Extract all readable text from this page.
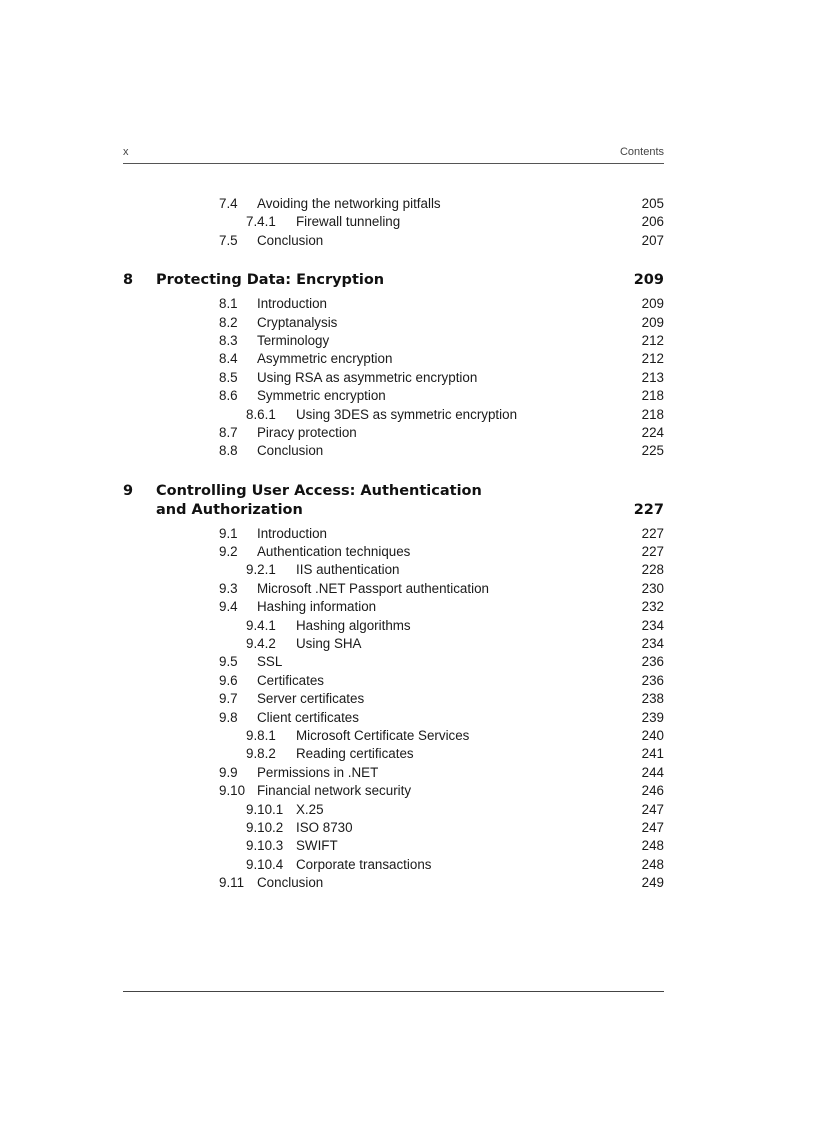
x	Contents
7.4 Avoiding the networking pitfalls	205
7.4.1 Firewall tunneling	206
7.5 Conclusion	207
8 Protecting Data: Encryption	209
8.1 Introduction	209
8.2 Cryptanalysis	209
8.3 Terminology	212
8.4 Asymmetric encryption	212
8.5 Using RSA as asymmetric encryption	213
8.6 Symmetric encryption	218
8.6.1 Using 3DES as symmetric encryption	218
8.7 Piracy protection	224
8.8 Conclusion	225
9 Controlling User Access: Authentication
and Authorization	227
9.1 Introduction	227
9.2 Authentication techniques	227
9.2.1 IIS authentication	228
9.3 Microsoft .NET Passport authentication	230
9.4 Hashing information	232
9.4.1 Hashing algorithms	234
9.4.2 Using SHA	234
9.5 SSL	236
9.6 Certificates	236
9.7 Server certificates	238
9.8 Client certificates	239
9.8.1 Microsoft Certificate Services	240
9.8.2 Reading certificates	241
9.9 Permissions in .NET	244
9.10 Financial network security	246
9.10.1 X.25	247
9.10.2 ISO 8730	247
9.10.3 SWIFT	248
9.10.4 Corporate transactions	248
9.11 Conclusion	249
